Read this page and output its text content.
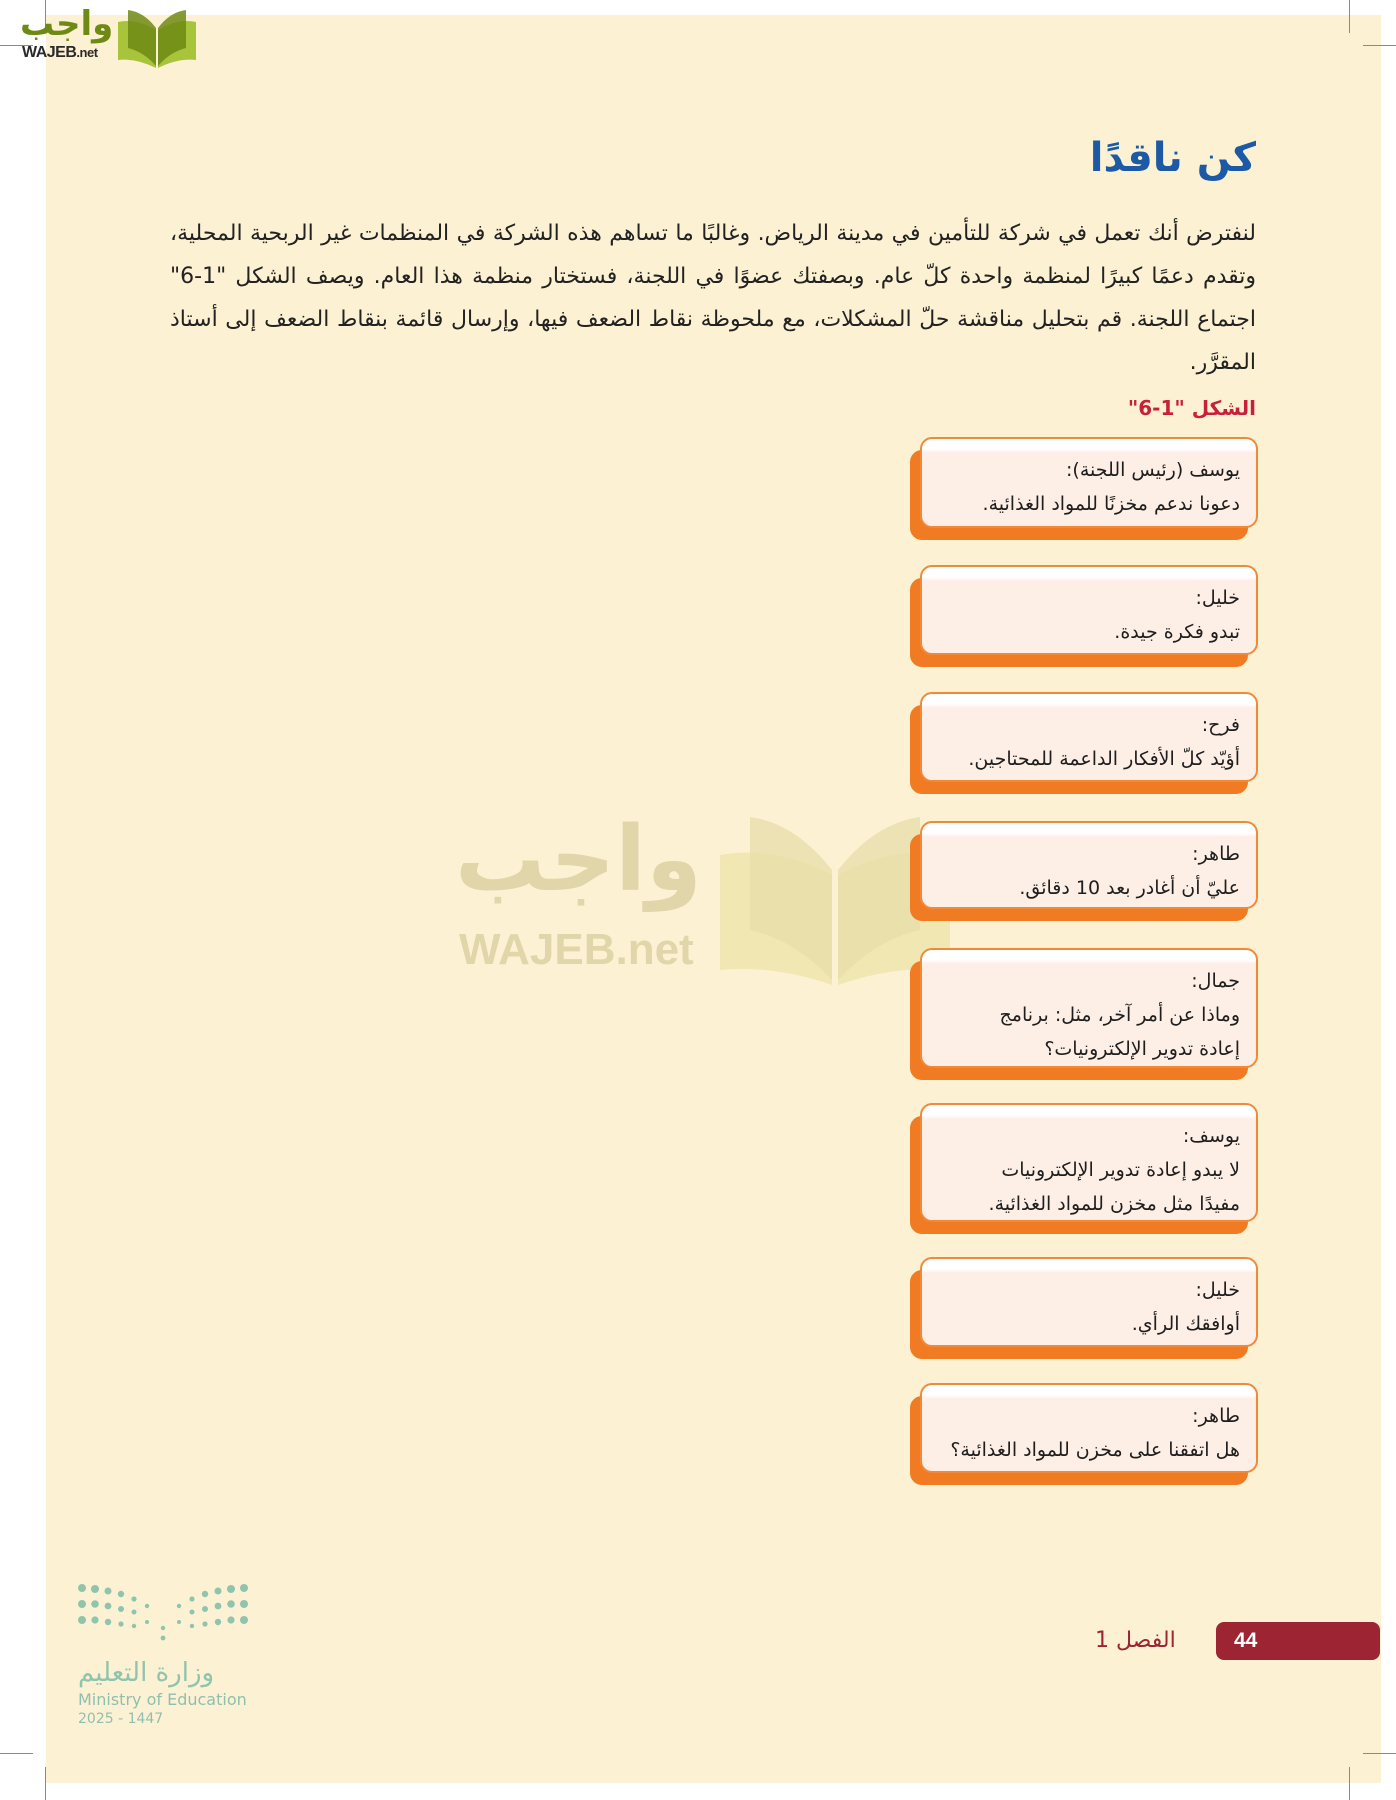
واجب
WAJEB.net
كن ناقدًا
لنفترض أنك تعمل في شركة للتأمين في مدينة الرياض. وغالبًا ما تساهم هذه الشركة في المنظمات غير الربحية المحلية، وتقدم دعمًا كبيرًا لمنظمة واحدة كلّ عام. وبصفتك عضوًا في اللجنة، فستختار منظمة هذا العام. ويصف الشكل "1-6" اجتماع اللجنة. قم بتحليل مناقشة حلّ المشكلات، مع ملحوظة نقاط الضعف فيها، وإرسال قائمة بنقاط الضعف إلى أستاذ المقرَّر.
الشكل "1-6"
واجب
WAJEB.net
يوسف (رئيس اللجنة):
دعونا ندعم مخزنًا للمواد الغذائية.
خليل:
تبدو فكرة جيدة.
فرح:
أؤيّد كلّ الأفكار الداعمة للمحتاجين.
طاهر:
عليّ أن أغادر بعد 10 دقائق.
جمال:
وماذا عن أمر آخر، مثل: برنامج
إعادة تدوير الإلكترونيات؟
يوسف:
لا يبدو إعادة تدوير الإلكترونيات
مفيدًا مثل مخزن للمواد الغذائية.
خليل:
أوافقك الرأي.
طاهر:
هل اتفقنا على مخزن للمواد الغذائية؟
وزارة التعليم
Ministry of Education
2025 - 1447
الفصل 1	44
